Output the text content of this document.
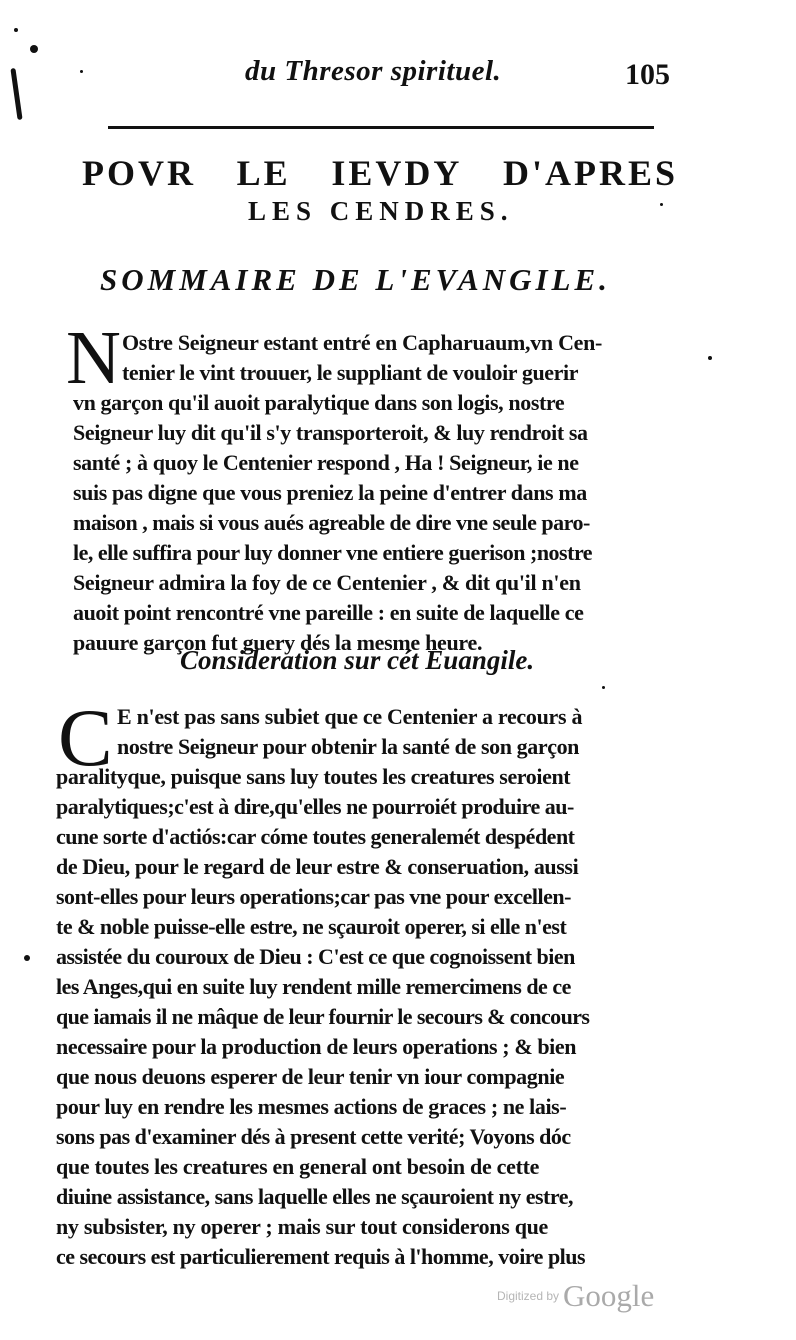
du Thresor spirituel.	105
POVR LE IEVDY D'APRES
LES CENDRES.
SOMMAIRE DE L'EVANGILE.
N Ostre Seigneur estant entré en Capharuaum,vn Cen-
tenier le vint trouuer, le suppliant de vouloir guerir
vn garçon qu'il auoit paralytique dans son logis, nostre
Seigneur luy dit qu'il s'y transporteroit, & luy rendroit sa
santé ; à quoy le Centenier respond , Ha ! Seigneur, ie ne
suis pas digne que vous preniez la peine d'entrer dans ma
maison , mais si vous aués agreable de dire vne seule paro-
le, elle suffira pour luy donner vne entiere guerison ;nostre
Seigneur admira la foy de ce Centenier , & dit qu'il n'en
auoit point rencontré vne pareille : en suite de laquelle ce
pauure garçon fut guery dés la mesme heure.
Consideration sur cét Euangile.
C E n'est pas sans subiet que ce Centenier a recours à
nostre Seigneur pour obtenir la santé de son garçon
paralityque, puisque sans luy toutes les creatures seroient
paralytiques;c'est à dire,qu'elles ne pourroiét produire au-
cune sorte d'actiós:car cóme toutes generalemét despédent
de Dieu, pour le regard de leur estre & conseruation, aussi
sont-elles pour leurs operations;car pas vne pour excellen-
te & noble puisse-elle estre, ne sçauroit operer, si elle n'est
assistée du couroux de Dieu : C'est ce que cognoissent bien
les Anges,qui en suite luy rendent mille remercimens de ce
que iamais il ne mâque de leur fournir le secours & concours
necessaire pour la production de leurs operations ; & bien
que nous deuons esperer de leur tenir vn iour compagnie
pour luy en rendre les mesmes actions de graces ; ne lais-
sons pas d'examiner dés à present cette verité; Voyons dóc
que toutes les creatures en general ont besoin de cette
diuine assistance, sans laquelle elles ne sçauroient ny estre,
ny subsister, ny operer ; mais sur tout considerons que
ce secours est particulierement requis à l'homme, voire plus
Digitized by Google
